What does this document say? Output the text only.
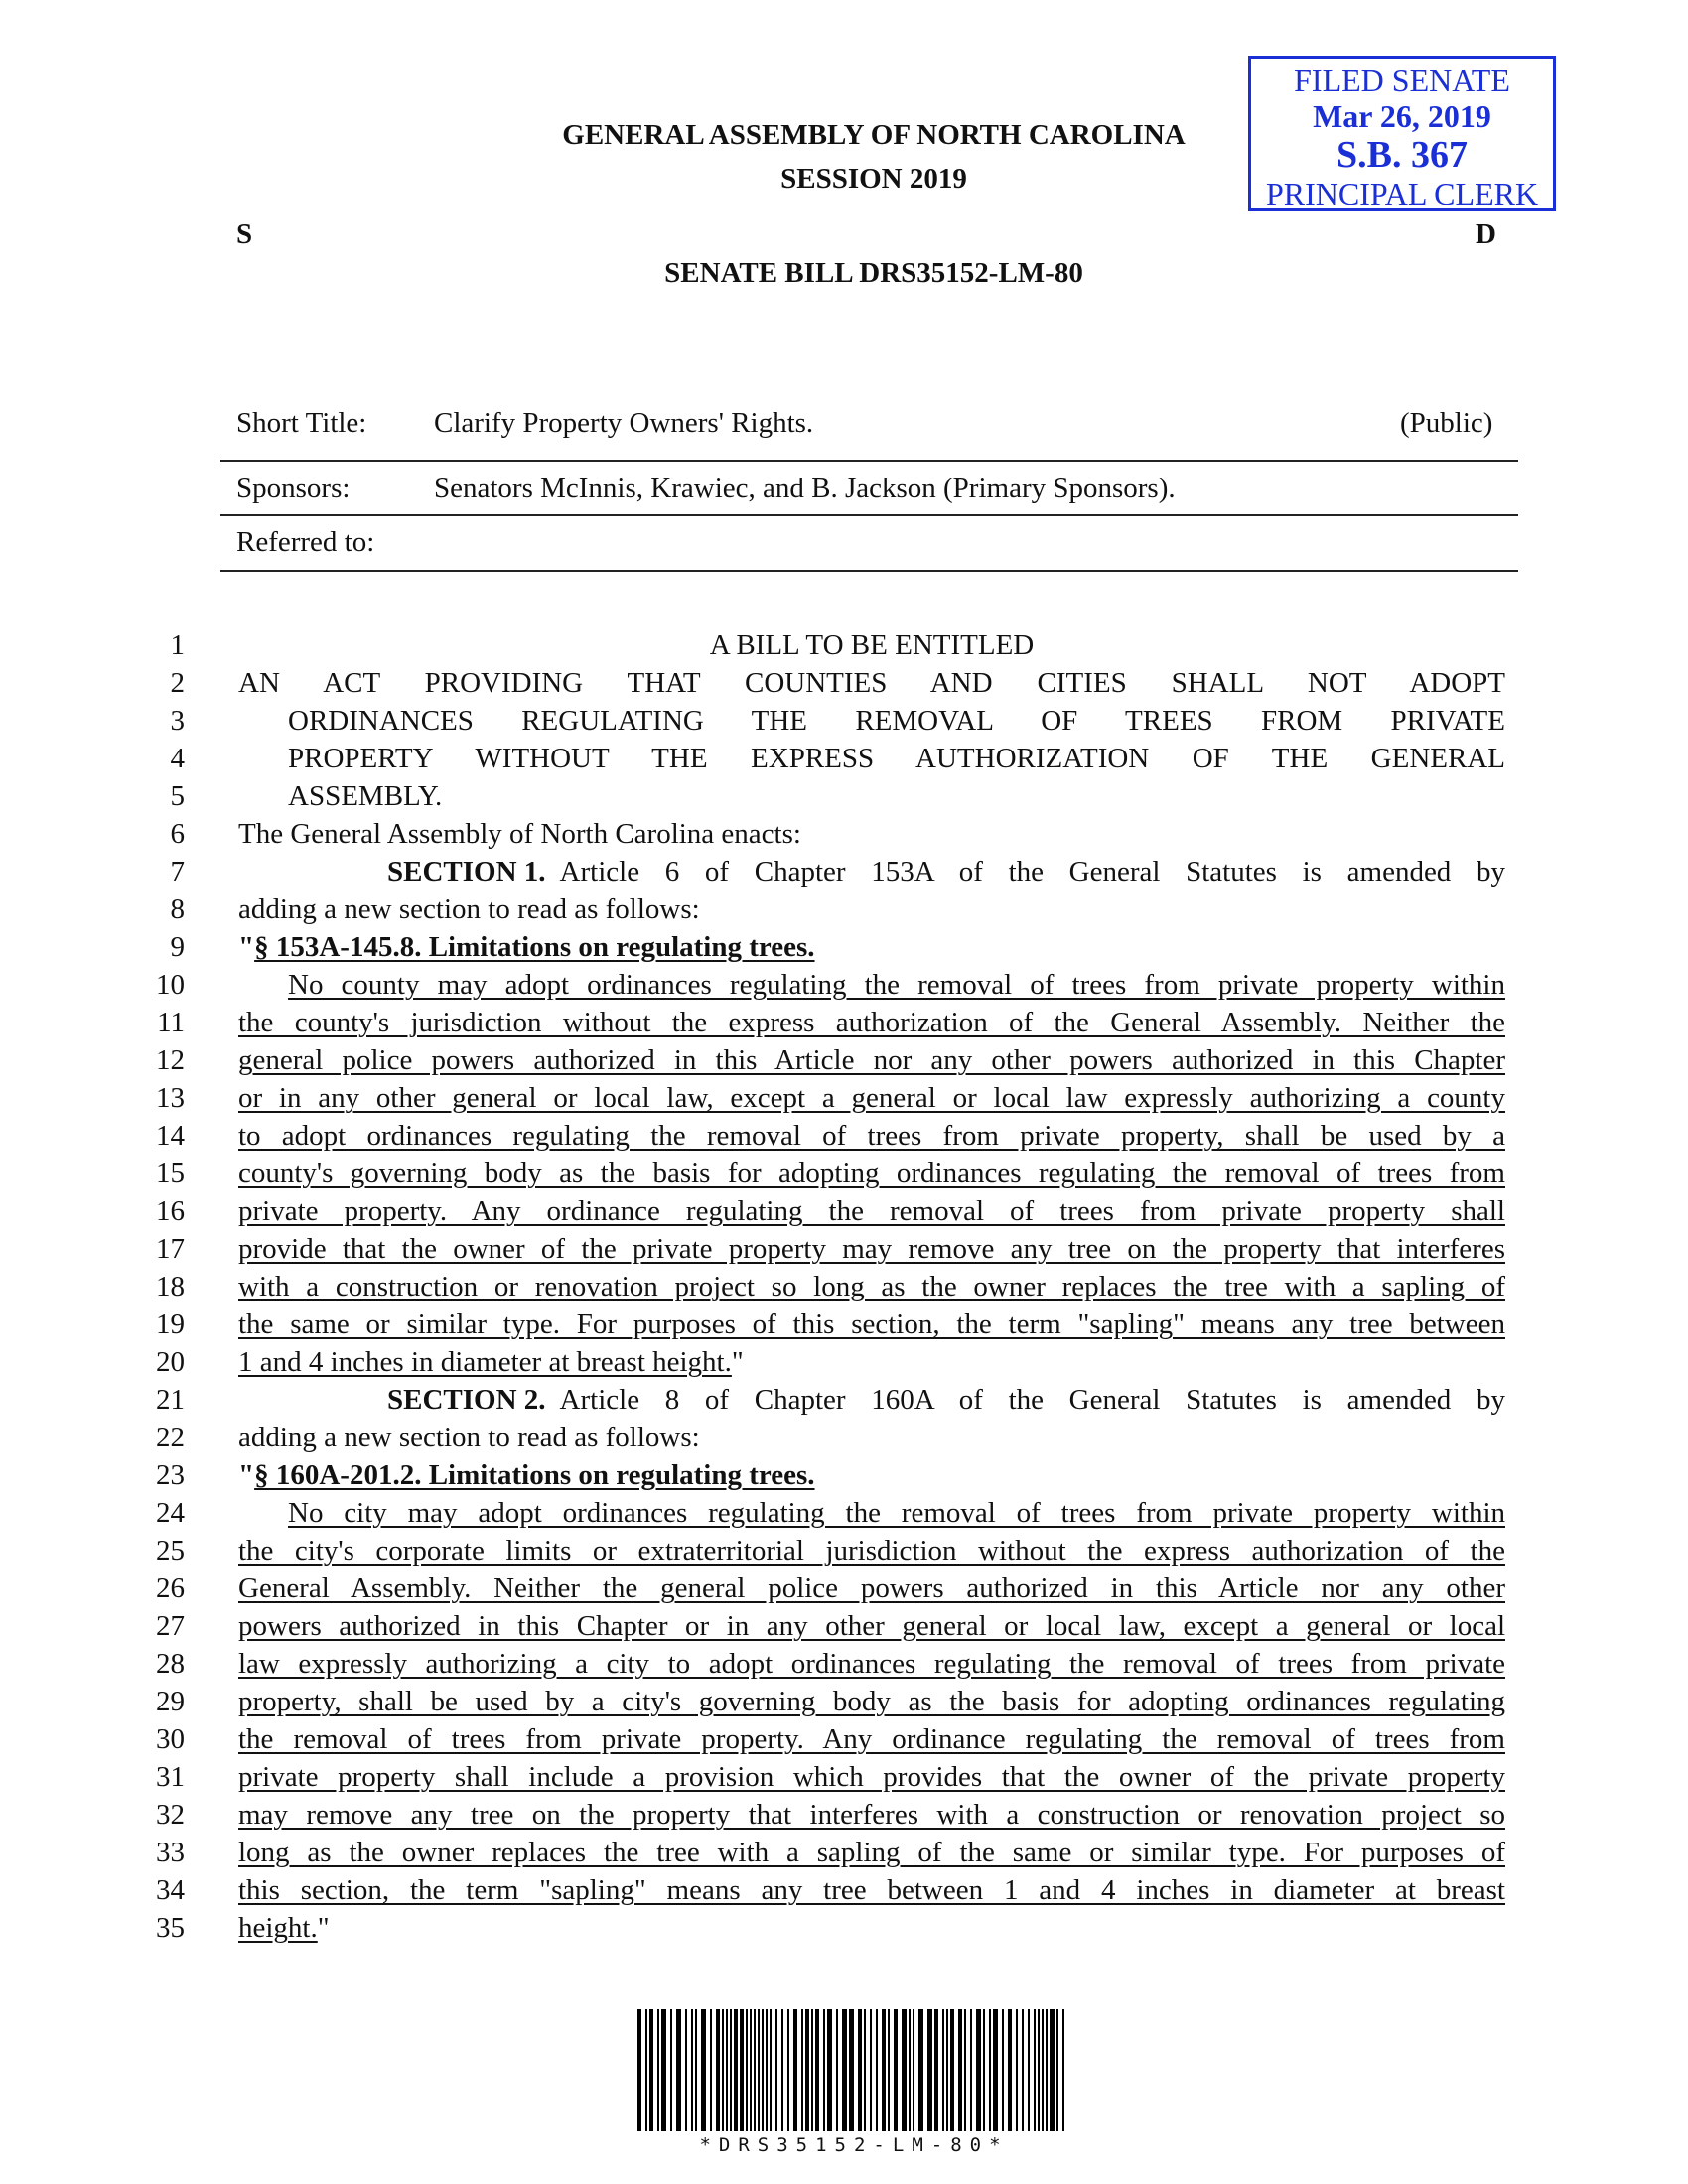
FILED SENATE
Mar 26, 2019
S.B. 367
PRINCIPAL CLERK
GENERAL ASSEMBLY OF NORTH CAROLINA
SESSION 2019
S	D
SENATE BILL DRS35152-LM-80
Short Title: Clarify Property Owners' Rights.	(Public)
Sponsors:	Senators McInnis, Krawiec, and B. Jackson (Primary Sponsors).
Referred to:
1	A BILL TO BE ENTITLED
2 AN ACT PROVIDING THAT COUNTIES AND CITIES SHALL NOT ADOPT
3	ORDINANCES REGULATING THE REMOVAL OF TREES FROM PRIVATE
4	PROPERTY WITHOUT THE EXPRESS AUTHORIZATION OF THE GENERAL
5	ASSEMBLY.
6 The General Assembly of North Carolina enacts:
7	SECTION 1. Article 6 of Chapter 153A of the General Statutes is amended by
8 adding a new section to read as follows:
9 "§ 153A-145.8. Limitations on regulating trees.
10	No county may adopt ordinances regulating the removal of trees from private property within
11 the county's jurisdiction without the express authorization of the General Assembly. Neither the
12 general police powers authorized in this Article nor any other powers authorized in this Chapter
13 or in any other general or local law, except a general or local law expressly authorizing a county
14 to adopt ordinances regulating the removal of trees from private property, shall be used by a
15 county's governing body as the basis for adopting ordinances regulating the removal of trees from
16 private property. Any ordinance regulating the removal of trees from private property shall
17 provide that the owner of the private property may remove any tree on the property that interferes
18 with a construction or renovation project so long as the owner replaces the tree with a sapling of
19 the same or similar type. For purposes of this section, the term "sapling" means any tree between
20 1 and 4 inches in diameter at breast height."
21	SECTION 2. Article 8 of Chapter 160A of the General Statutes is amended by
22 adding a new section to read as follows:
23 "§ 160A-201.2. Limitations on regulating trees.
24	No city may adopt ordinances regulating the removal of trees from private property within
25 the city's corporate limits or extraterritorial jurisdiction without the express authorization of the
26 General Assembly. Neither the general police powers authorized in this Article nor any other
27 powers authorized in this Chapter or in any other general or local law, except a general or local
28 law expressly authorizing a city to adopt ordinances regulating the removal of trees from private
29 property, shall be used by a city's governing body as the basis for adopting ordinances regulating
30 the removal of trees from private property. Any ordinance regulating the removal of trees from
31 private property shall include a provision which provides that the owner of the private property
32 may remove any tree on the property that interferes with a construction or renovation project so
33 long as the owner replaces the tree with a sapling of the same or similar type. For purposes of
34 this section, the term "sapling" means any tree between 1 and 4 inches in diameter at breast
35 height."
*DRS35152-LM-80*
